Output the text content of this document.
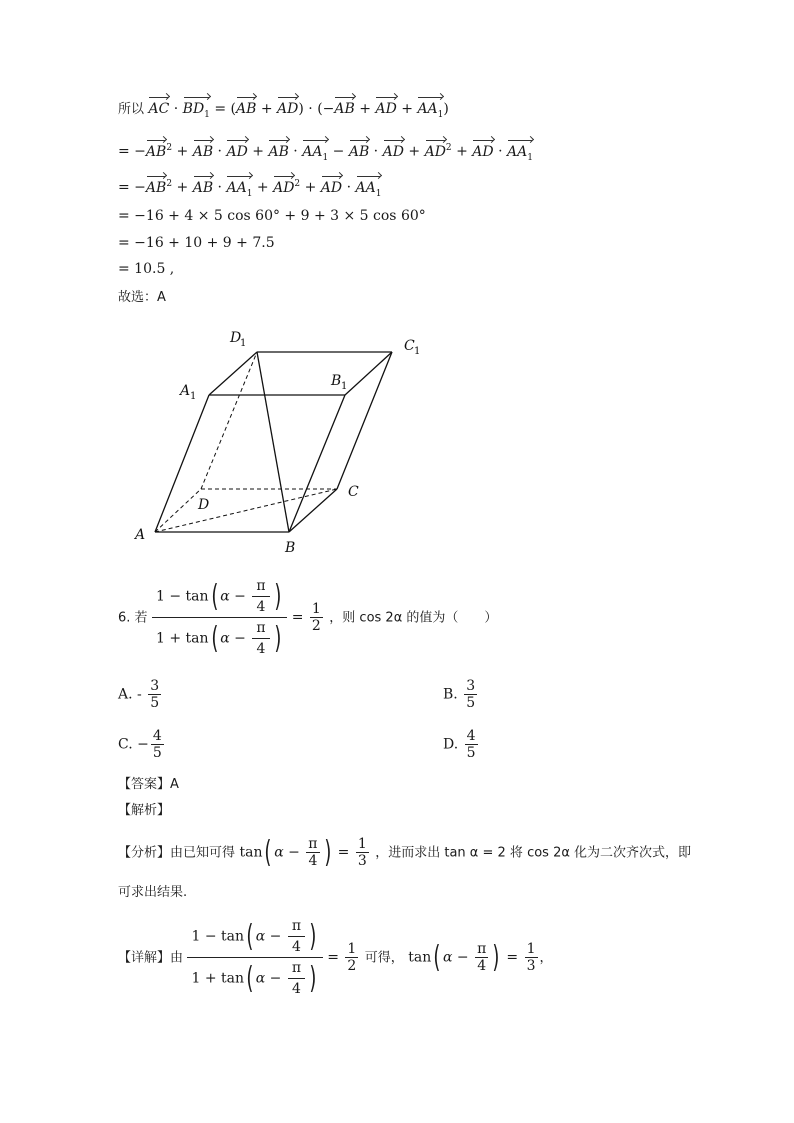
所以 AC · $BD_1 = (AB + AD) \cdot (-AB$ + AD + $AA_1$)
= $-AB^2$ + AB · AD + AB · $AA_1$ − AB · AD + $AD^2$ + AD · $AA_1$
= $-AB^2$ + AB · $AA_1 + AD^2$ + AD · $AA_1$
= −16 + 4 × 5 cos 60° + 9 + 3 × 5 cos 60°
= −16 + 10 + 9 + 7.5
= 10.5 ,
故选：A
D
1	C 1
A 1
B 1
D
C
A
B
6. 若 $\frac{1 - \tan( \alpha - \frac{\pi}{4} )}{1 + \tan( \alpha - \frac{\pi}{4} )} = \frac{1}{2}$ ，则 cos 2α 的值为（　　）
A. - $\frac{3}{5}$	B. $\frac{3}{5}$
C. − $\frac{4}{5}$	D. $\frac{4}{5}$
【答案】A
【解析】
【分析】由已知可得 tan( $\alpha - \frac{\pi}{4}$ ) = $\frac{1}{3}$ ，进而求出 tan α = 2 将 cos 2α 化为二次齐次式，即
可求出结果.
【详解】由 $\frac{1 - \tan( \alpha - \frac{\pi}{4} )}{1 + \tan( \alpha - \frac{\pi}{4} )} = \frac{1}{2}$ 可得， tan( $\alpha - \frac{\pi}{4}$ ) = $\frac{1}{3}$ ，
